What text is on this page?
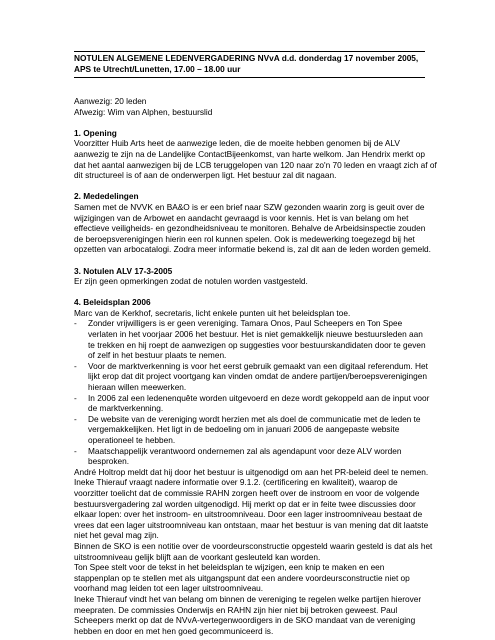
NOTULEN ALGEMENE LEDENVERGADERING NVvA d.d. donderdag 17 november 2005,
APS te Utrecht/Lunetten, 17.00 – 18.00 uur

Aanwezig: 20 leden

Afwezig: Wim van Alphen, bestuurslid

1. Opening

Voorzitter Huib Arts heet de aanwezige leden, die de moeite hebben genomen bij de ALV

aanwezig te zijn na de Landelijke ContactBijeenkomst, van harte welkom. Jan Hendrix merkt op

dat het aantal aanwezigen bij de LCB teruggelopen van 120 naar zo'n 70 leden en vraagt zich af of

dit structureel is of aan de onderwerpen ligt. Het bestuur zal dit nagaan.

2. Mededelingen

Samen met de NVVK en BA&O is er een brief naar SZW gezonden waarin zorg is geuit over de

wijzigingen van de Arbowet en aandacht gevraagd is voor kennis. Het is van belang om het

effectieve veiligheids- en gezondheidsniveau te monitoren. Behalve de Arbeidsinspectie zouden

de beroepsverenigingen hierin een rol kunnen spelen. Ook is medewerking toegezegd bij het

opzetten van arbocatalogi. Zodra meer informatie bekend is, zal dit aan de leden worden gemeld.

3. Notulen ALV 17-3-2005

Er zijn geen opmerkingen zodat de notulen worden vastgesteld.

4. Beleidsplan 2006

Marc van de Kerkhof, secretaris, licht enkele punten uit het beleidsplan toe.

- Zonder vrijwilligers is er geen vereniging. Tamara Onos, Paul Scheepers en Ton Spee

verlaten in het voorjaar 2006 het bestuur. Het is niet gemakkelijk nieuwe bestuursleden aan

te trekken en hij roept de aanwezigen op suggesties voor bestuurskandidaten door te geven

of zelf in het bestuur plaats te nemen.

- Voor de marktverkenning is voor het eerst gebruik gemaakt van een digitaal referendum. Het

lijkt erop dat dit project voortgang kan vinden omdat de andere partijen/beroepsverenigingen

hieraan willen meewerken.

- In 2006 zal een ledenenquête worden uitgevoerd en deze wordt gekoppeld aan de input voor

de marktverkenning.

- De website van de vereniging wordt herzien met als doel de communicatie met de leden te

vergemakkelijken. Het ligt in de bedoeling om in januari 2006 de aangepaste website

operationeel te hebben.

- Maatschappelijk verantwoord ondernemen zal als agendapunt voor deze ALV worden

besproken.

André Holtrop meldt dat hij door het bestuur is uitgenodigd om aan het PR-beleid deel te nemen.

Ineke Thierauf vraagt nadere informatie over 9.1.2. (certificering en kwaliteit), waarop de

voorzitter toelicht dat de commissie RAHN zorgen heeft over de instroom en voor de volgende

bestuursvergadering zal worden uitgenodigd. Hij merkt op dat er in feite twee discussies door

elkaar lopen: over het instroom- en uitstroomniveau. Door een lager instroomniveau bestaat de

vrees dat een lager uitstroomniveau kan ontstaan, maar het bestuur is van mening dat dit laatste

niet het geval mag zijn.

Binnen de SKO is een notitie over de voordeursconstructie opgesteld waarin gesteld is dat als het

uitstroomniveau gelijk blijft aan de voorkant gesleuteld kan worden.

Ton Spee stelt voor de tekst in het beleidsplan te wijzigen, een knip te maken en een

stappenplan op te stellen met als uitgangspunt dat een andere voordeursconstructie niet op

voorhand mag leiden tot een lager uitstroomniveau.

Ineke Thierauf vindt het van belang om binnen de vereniging te regelen welke partijen hierover

meepraten. De commissies Onderwijs en RAHN zijn hier niet bij betroken geweest. Paul

Scheepers merkt op dat de NVvA-vertegenwoordigers in de SKO mandaat van de vereniging

hebben en door en met hen goed gecommuniceerd is.
